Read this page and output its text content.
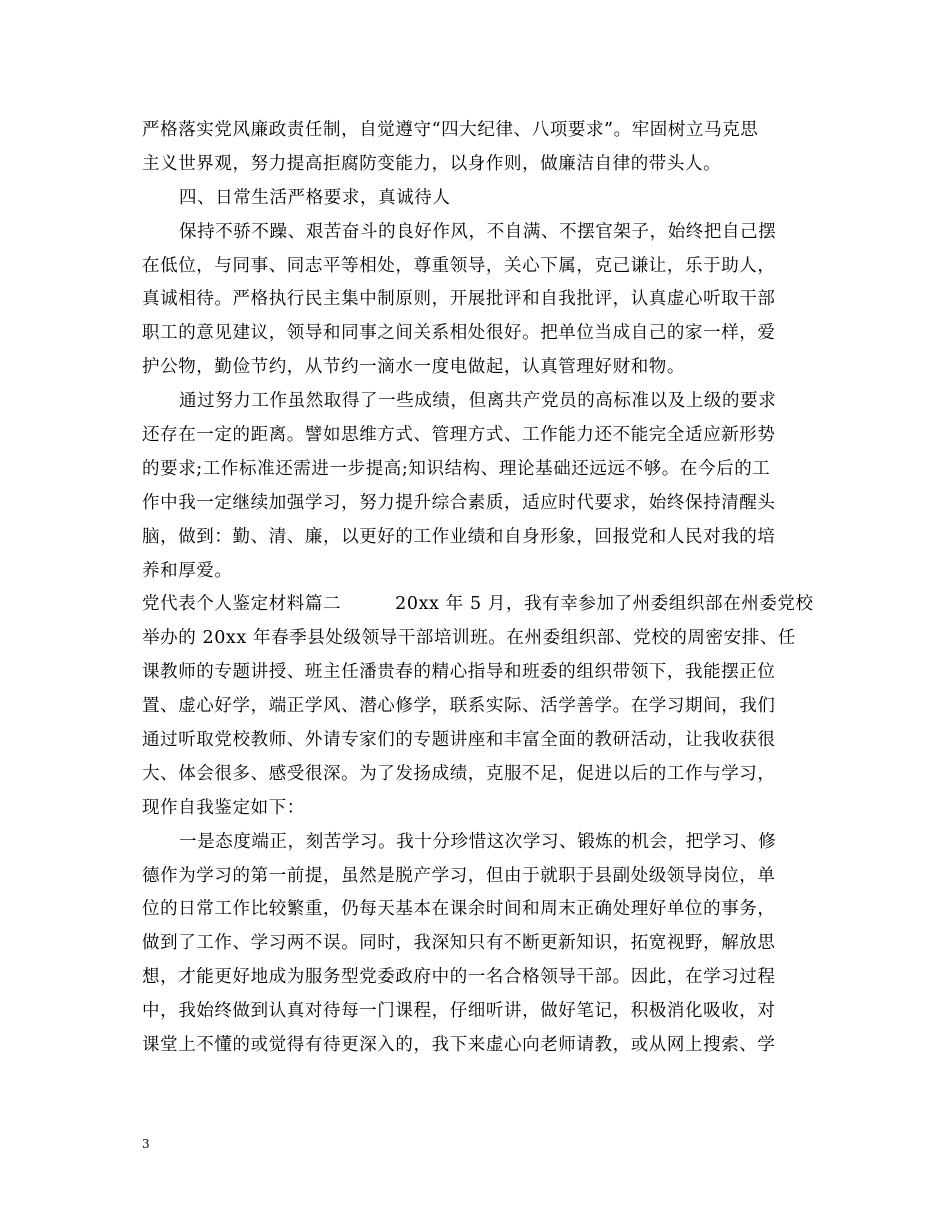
严格落实党风廉政责任制，自觉遵守“四大纪律、八项要求”。牢固树立马克思
主义世界观，努力提高拒腐防变能力，以身作则，做廉洁自律的带头人。
四、日常生活严格要求，真诚待人
保持不骄不躁、艰苦奋斗的良好作风，不自满、不摆官架子，始终把自己摆
在低位，与同事、同志平等相处，尊重领导，关心下属，克己谦让，乐于助人，
真诚相待。严格执行民主集中制原则，开展批评和自我批评，认真虚心听取干部
职工的意见建议，领导和同事之间关系相处很好。把单位当成自己的家一样，爱
护公物，勤俭节约，从节约一滴水一度电做起，认真管理好财和物。
通过努力工作虽然取得了一些成绩，但离共产党员的高标准以及上级的要求
还存在一定的距离。譬如思维方式、管理方式、工作能力还不能完全适应新形势
的要求;工作标准还需进一步提高;知识结构、理论基础还远远不够。在今后的工
作中我一定继续加强学习，努力提升综合素质，适应时代要求，始终保持清醒头
脑，做到：勤、清、廉，以更好的工作业绩和自身形象，回报党和人民对我的培
养和厚爱。
党代表个人鉴定材料篇二	20xx 年 5 月，我有幸参加了州委组织部在州委党校
举办的 20xx 年春季县处级领导干部培训班。在州委组织部、党校的周密安排、任
课教师的专题讲授、班主任潘贵春的精心指导和班委的组织带领下，我能摆正位
置、虚心好学，端正学风、潜心修学，联系实际、活学善学。在学习期间，我们
通过听取党校教师、外请专家们的专题讲座和丰富全面的教研活动，让我收获很
大、体会很多、感受很深。为了发扬成绩，克服不足，促进以后的工作与学习，
现作自我鉴定如下：
一是态度端正，刻苦学习。我十分珍惜这次学习、锻炼的机会，把学习、修
德作为学习的第一前提，虽然是脱产学习，但由于就职于县副处级领导岗位，单
位的日常工作比较繁重，仍每天基本在课余时间和周末正确处理好单位的事务，
做到了工作、学习两不误。同时，我深知只有不断更新知识，拓宽视野，解放思
想，才能更好地成为服务型党委政府中的一名合格领导干部。因此，在学习过程
中，我始终做到认真对待每一门课程，仔细听讲，做好笔记，积极消化吸收，对
课堂上不懂的或觉得有待更深入的，我下来虚心向老师请教，或从网上搜索、学
3
